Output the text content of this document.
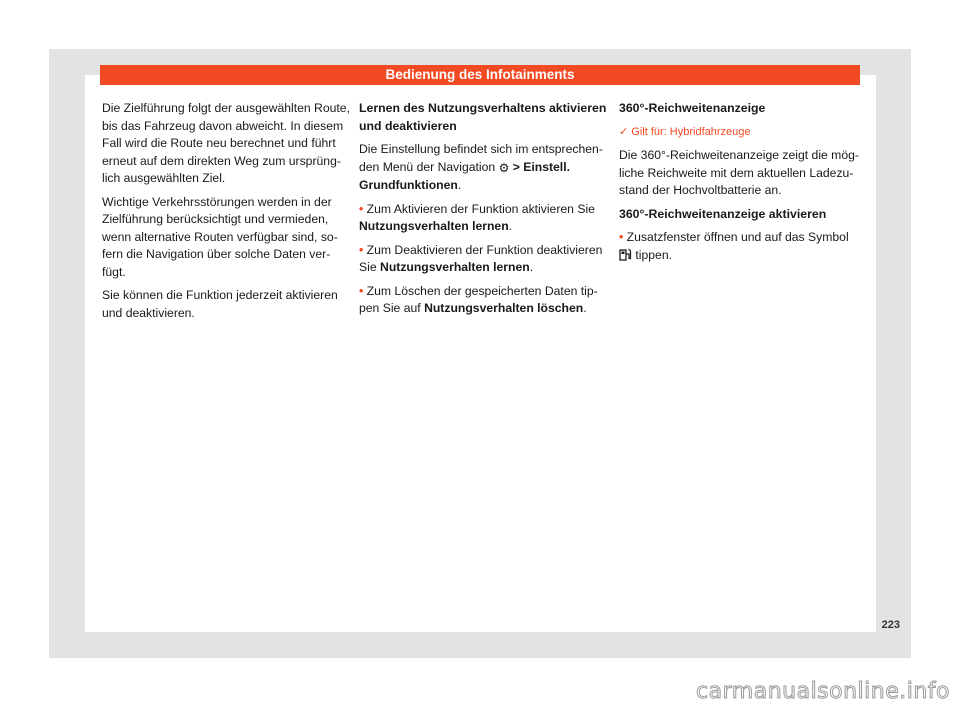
Bedienung des Infotainments

Die Zielführung folgt der ausgewählten Route, bis das Fahrzeug davon abweicht. In diesem Fall wird die Route neu berechnet und führt erneut auf dem direkten Weg zum ursprüng- lich ausgewählten Ziel.

Wichtige Verkehrsstörungen werden in der Zielführung berücksichtigt und vermieden, wenn alternative Routen verfügbar sind, so- fern die Navigation über solche Daten ver- fügt.

Sie können die Funktion jederzeit aktivieren und deaktivieren.

Lernen des Nutzungsverhaltens aktivieren und deaktivieren

Die Einstellung befindet sich im entsprechen- den Menü der Navigation ⚙ > Einstell. Grundfunktionen.

• Zum Aktivieren der Funktion aktivieren Sie Nutzungsverhalten lernen.

• Zum Deaktivieren der Funktion deaktivieren Sie Nutzungsverhalten lernen.

• Zum Löschen der gespeicherten Daten tip- pen Sie auf Nutzungsverhalten löschen.

360°-Reichweitenanzeige

✓ Gilt für: Hybridfahrzeuge

Die 360°-Reichweitenanzeige zeigt die mög- liche Reichweite mit dem aktuellen Ladezu- stand der Hochvoltbatterie an.

360°-Reichweitenanzeige aktivieren

• Zusatzfenster öffnen und auf das Symbol
tippen.

223
carmanualsonline.info
